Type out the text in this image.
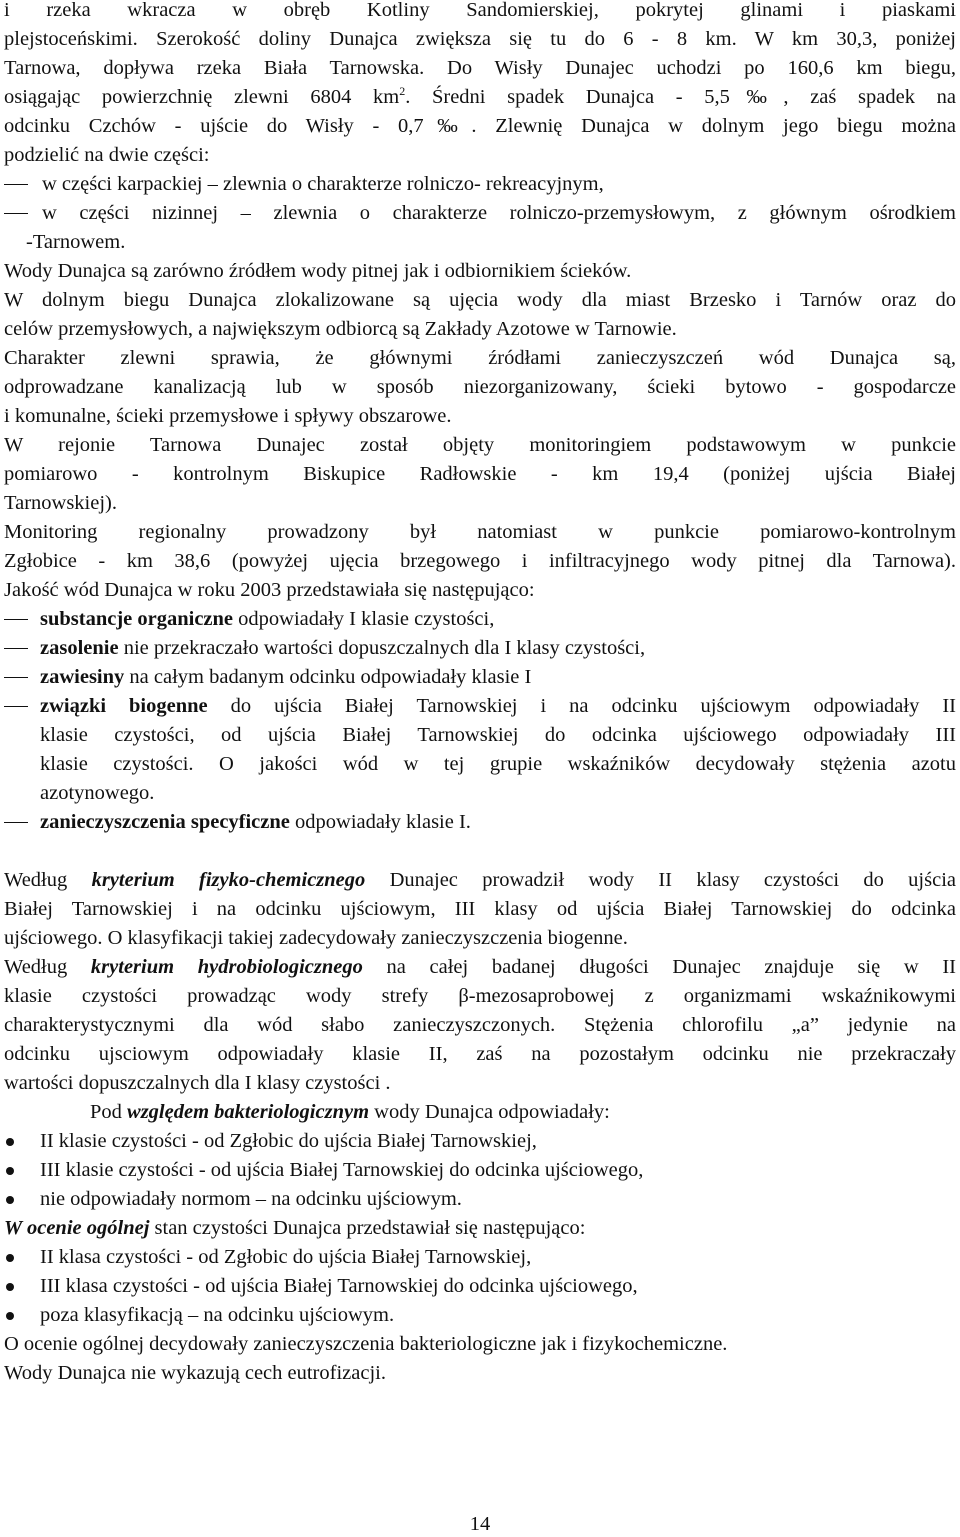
i rzeka wkracza w obręb Kotliny Sandomierskiej, pokrytej glinami i piaskami
plejstoceńskimi. Szerokość doliny Dunajca zwiększa się tu do 6 - 8 km. W km 30,3, poniżej
Tarnowa, dopływa rzeka Biała Tarnowska. Do Wisły Dunajec uchodzi po 160,6 km biegu,
osiągając powierzchnię zlewni 6804 $km^2$. Średni spadek Dunajca - 5,5‰, zaś spadek na
odcinku Czchów - ujście do Wisły - 0,7‰. Zlewnię Dunajca w dolnym jego biegu można
podzielić na dwie części:
w części karpackiej – zlewnia o charakterze rolniczo- rekreacyjnym,
w części nizinnej – zlewnia o charakterze rolniczo-przemysłowym, z głównym ośrodkiem
-Tarnowem.
Wody Dunajca są zarówno źródłem wody pitnej jak i odbiornikiem ścieków.
W dolnym biegu Dunajca zlokalizowane są ujęcia wody dla miast Brzesko i Tarnów oraz do
celów przemysłowych, a największym odbiorcą są Zakłady Azotowe w Tarnowie.
Charakter zlewni sprawia, że głównymi źródłami zanieczyszczeń wód Dunajca są,
odprowadzane kanalizacją lub w sposób niezorganizowany, ścieki bytowo - gospodarcze
i komunalne, ścieki przemysłowe i spływy obszarowe.
W rejonie Tarnowa Dunajec został objęty monitoringiem podstawowym w punkcie
pomiarowo - kontrolnym Biskupice Radłowskie - km 19,4 (poniżej ujścia Białej
Tarnowskiej).
Monitoring regionalny prowadzony był natomiast w punkcie pomiarowo-kontrolnym
Zgłobice - km 38,6 (powyżej ujęcia brzegowego i infiltracyjnego wody pitnej dla Tarnowa).
Jakość wód Dunajca w roku 2003 przedstawiała się następująco:
substancje organiczne odpowiadały I klasie czystości,
zasolenie nie przekraczało wartości dopuszczalnych dla I klasy czystości,
zawiesiny na całym badanym odcinku odpowiadały klasie I
związki biogenne do ujścia Białej Tarnowskiej i na odcinku ujściowym odpowiadały II
klasie czystości, od ujścia Białej Tarnowskiej do odcinka ujściowego odpowiadały III
klasie czystości. O jakości wód w tej grupie wskaźników decydowały stężenia azotu
azotynowego.
zanieczyszczenia specyficzne odpowiadały klasie I.
Według kryterium fizyko-chemicznego Dunajec prowadził wody II klasy czystości do ujścia
Białej Tarnowskiej i na odcinku ujściowym, III klasy od ujścia Białej Tarnowskiej do odcinka
ujściowego. O klasyfikacji takiej zadecydowały zanieczyszczenia biogenne.
Według kryterium hydrobiologicznego na całej badanej długości Dunajec znajduje się w II
klasie czystości prowadząc wody strefy β-mezosaprobowej z organizmami wskaźnikowymi
charakterystycznymi dla wód słabo zanieczyszczonych. Stężenia chlorofilu „a” jedynie na
odcinku ujsciowym odpowiadały klasie II, zaś na pozostałym odcinku nie przekraczały
wartości dopuszczalnych dla I klasy czystości .
Pod względem bakteriologicznym wody Dunajca odpowiadały:
II klasie czystości - od Zgłobic do ujścia Białej Tarnowskiej,
III klasie czystości - od ujścia Białej Tarnowskiej do odcinka ujściowego,
nie odpowiadały normom – na odcinku ujściowym.
W ocenie ogólnej stan czystości Dunajca przedstawiał się następująco:
II klasa czystości - od Zgłobic do ujścia Białej Tarnowskiej,
III klasa czystości - od ujścia Białej Tarnowskiej do odcinka ujściowego,
poza klasyfikacją – na odcinku ujściowym.
O ocenie ogólnej decydowały zanieczyszczenia bakteriologiczne jak i fizykochemiczne.
Wody Dunajca nie wykazują cech eutrofizacji.
14
